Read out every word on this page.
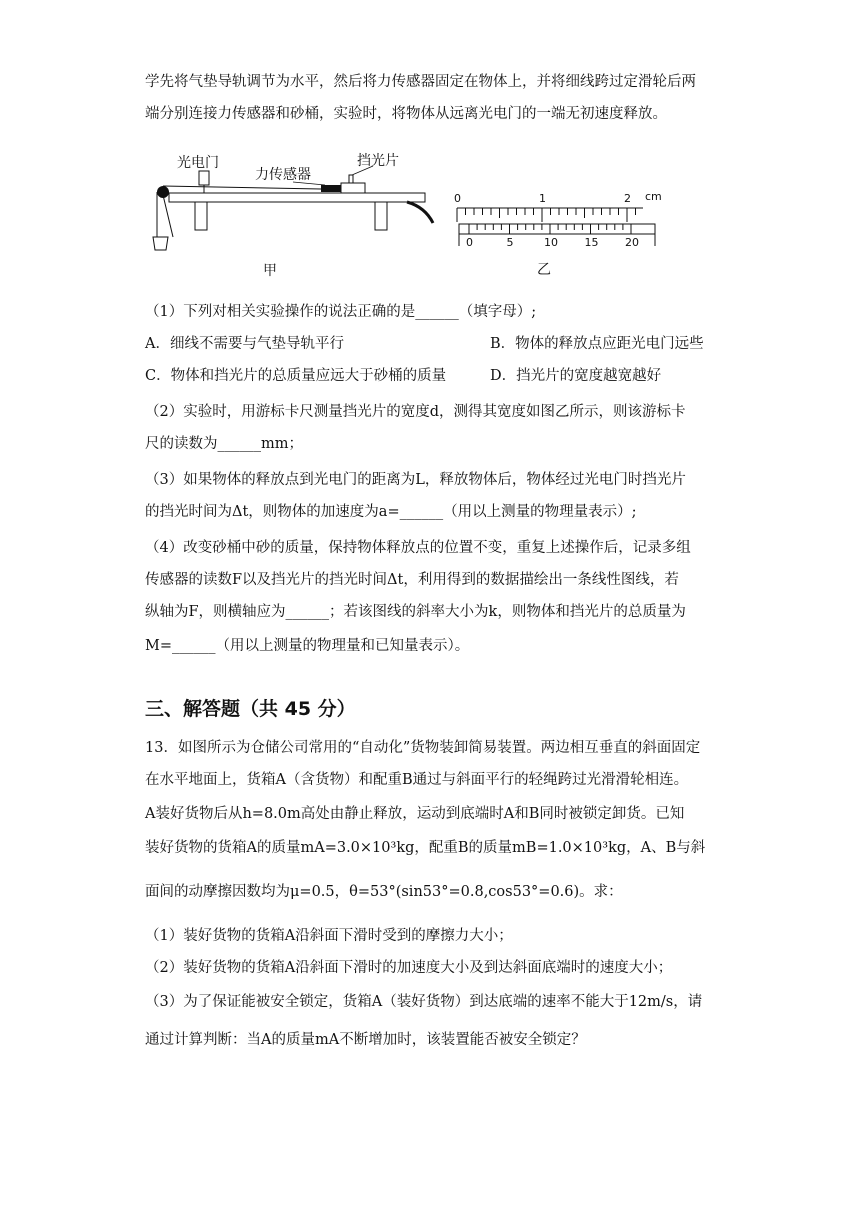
学先将气垫导轨调节为水平，然后将力传感器固定在物体上，并将细线跨过定滑轮后两
端分别连接力传感器和砂桶，实验时，将物体从远离光电门的一端无初速度释放。
光电门
力传感器
挡光片
甲
0	1	2
0	5	10 15 20
乙
cm
（1）下列对相关实验操作的说法正确的是______（填字母）;
A．细线不需要与气垫导轨平行	B．物体的释放点应距光电门远些
C．物体和挡光片的总质量应远大于砂桶的质量	D．挡光片的宽度越宽越好
（2）实验时，用游标卡尺测量挡光片的宽度d，测得其宽度如图乙所示，则该游标卡
尺的读数为______mm；
（3）如果物体的释放点到光电门的距离为L，释放物体后，物体经过光电门时挡光片
的挡光时间为Δt，则物体的加速度为a=______（用以上测量的物理量表示）;
（4）改变砂桶中砂的质量，保持物体释放点的位置不变，重复上述操作后，记录多组
传感器的读数F以及挡光片的挡光时间Δt，利用得到的数据描绘出一条线性图线，若
纵轴为F，则横轴应为______；若该图线的斜率大小为k，则物体和挡光片的总质量为
M=______（用以上测量的物理量和已知量表示）。
三、解答题（共 45 分）
13．如图所示为仓储公司常用的“自动化”货物装卸简易装置。两边相互垂直的斜面固定
在水平地面上，货箱A（含货物）和配重B通过与斜面平行的轻绳跨过光滑滑轮相连。
A装好货物后从h=8.0m高处由静止释放，运动到底端时A和B同时被锁定卸货。已知
装好货物的货箱A的质量mA=3.0×10³kg，配重B的质量mB=1.0×10³kg，A、B与斜
面间的动摩擦因数均为μ=0.5，θ=53°(sin53°=0.8,cos53°=0.6)。求：
（1）装好货物的货箱A沿斜面下滑时受到的摩擦力大小；
（2）装好货物的货箱A沿斜面下滑时的加速度大小及到达斜面底端时的速度大小；
（3）为了保证能被安全锁定，货箱A（装好货物）到达底端的速率不能大于12m/s，请
通过计算判断：当A的质量mA不断增加时，该装置能否被安全锁定？
